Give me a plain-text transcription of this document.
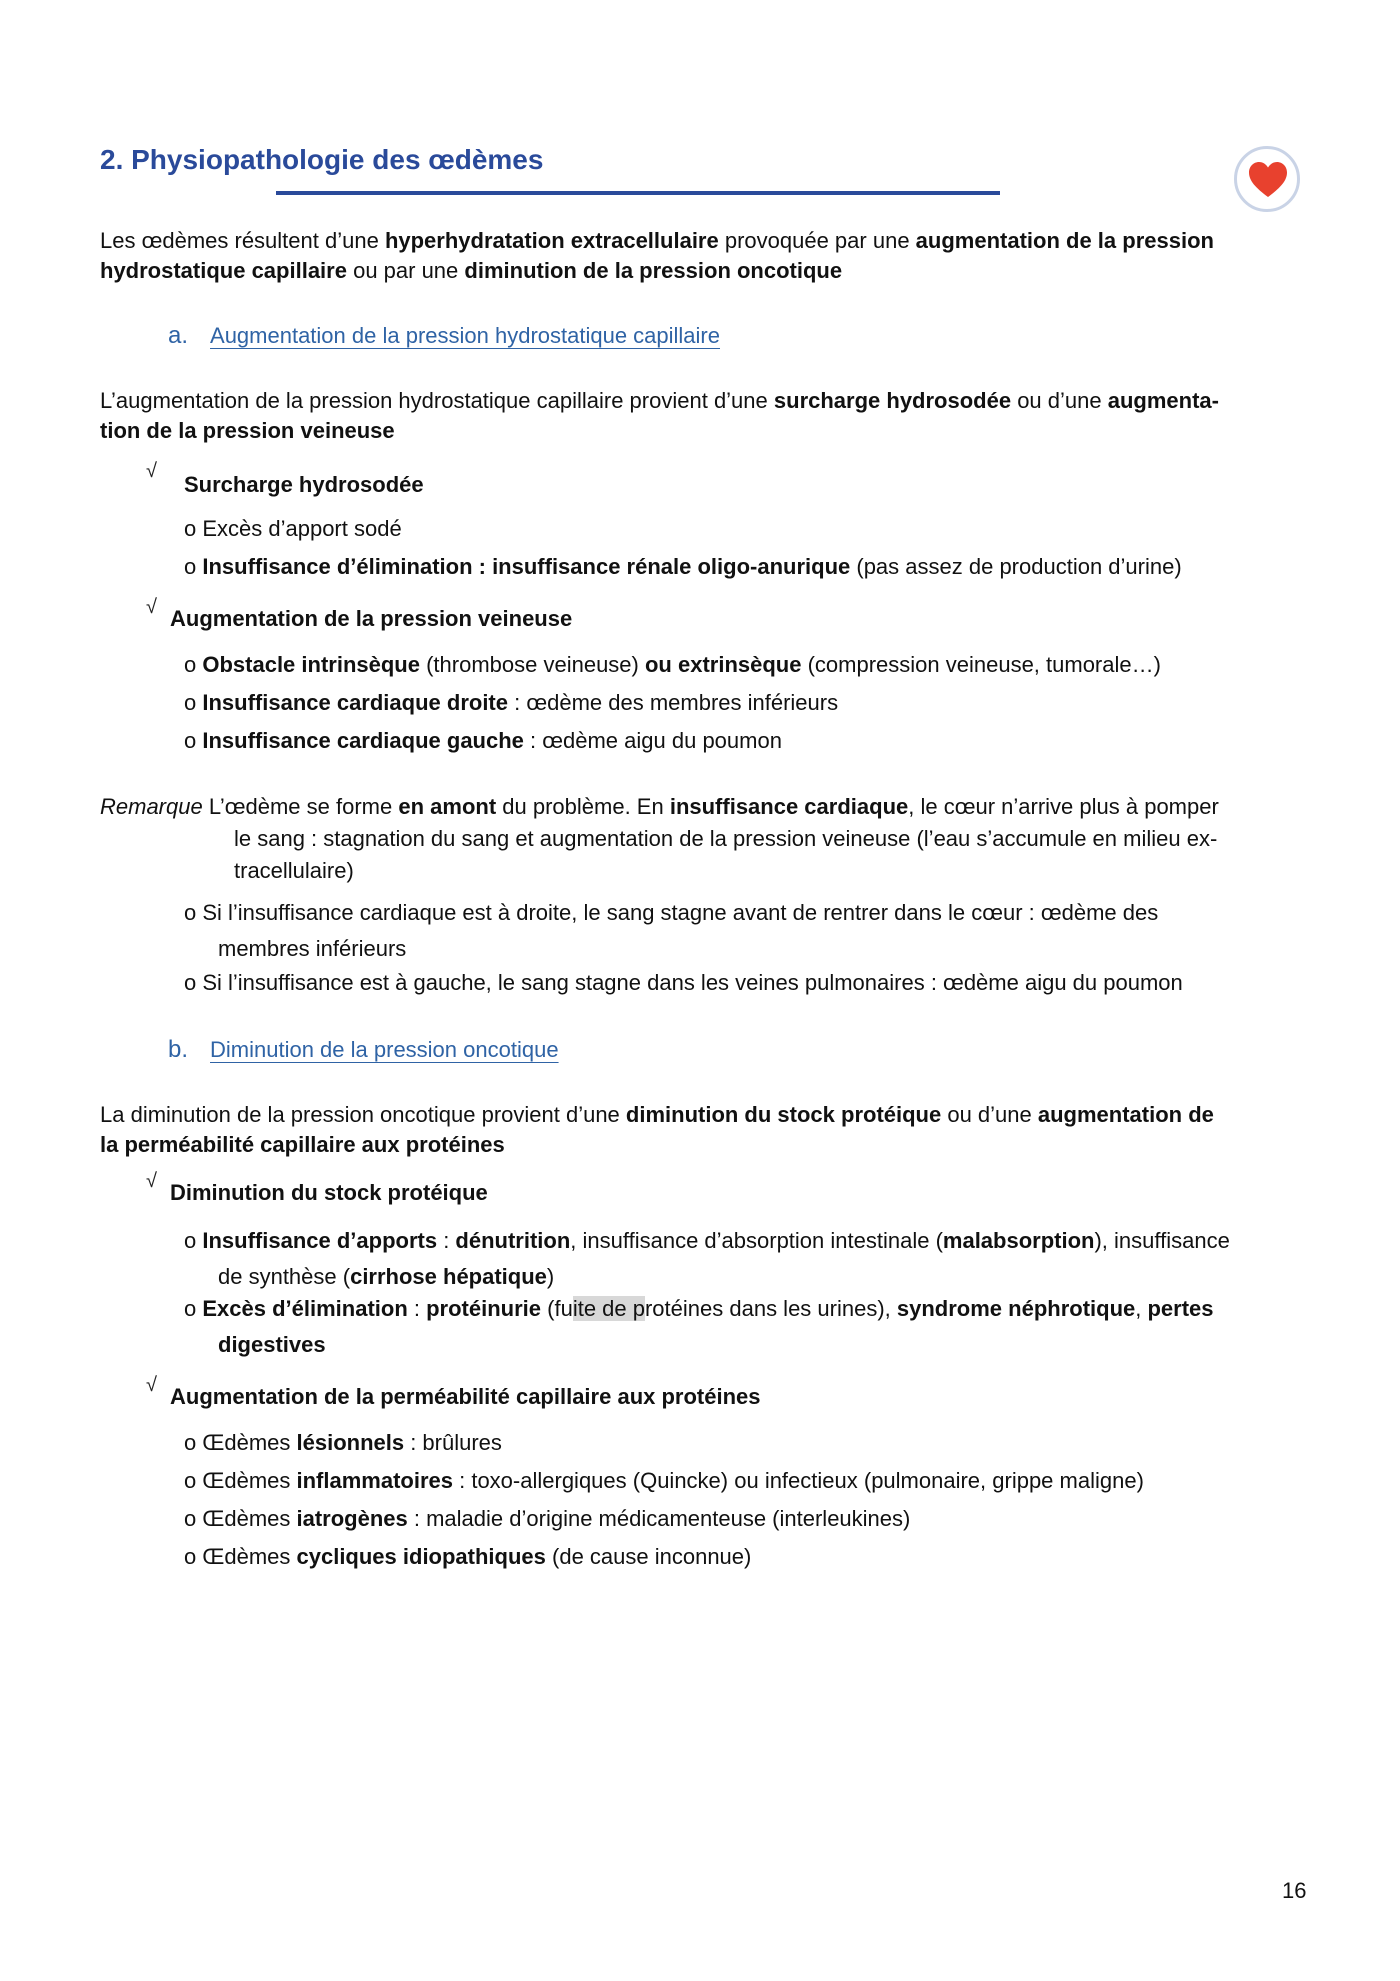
2. Physiopathologie des œdèmes
Les œdèmes résultent d’une hyperhydratation extracellulaire provoquée par une augmentation de la pression
hydrostatique capillaire ou par une diminution de la pression oncotique
a. Augmentation de la pression hydrostatique capillaire
L’augmentation de la pression hydrostatique capillaire provient d’une surcharge hydrosodée ou d’une augmenta-
tion de la pression veineuse
√
Surcharge hydrosodée
o Excès d’apport sodé
o Insuffisance d’élimination : insuffisance rénale oligo-anurique (pas assez de production d’urine)
√ Augmentation de la pression veineuse
o Obstacle intrinsèque (thrombose veineuse) ou extrinsèque (compression veineuse, tumorale…)
o Insuffisance cardiaque droite : œdème des membres inférieurs
o Insuffisance cardiaque gauche : œdème aigu du poumon
Remarque L’œdème se forme en amont du problème. En insuffisance cardiaque, le cœur n’arrive plus à pomper
le sang : stagnation du sang et augmentation de la pression veineuse (l’eau s’accumule en milieu ex-
tracellulaire)
o Si l’insuffisance cardiaque est à droite, le sang stagne avant de rentrer dans le cœur : œdème des
membres inférieurs
o Si l’insuffisance est à gauche, le sang stagne dans les veines pulmonaires : œdème aigu du poumon
b. Diminution de la pression oncotique
La diminution de la pression oncotique provient d’une diminution du stock protéique ou d’une augmentation de
la perméabilité capillaire aux protéines
√ Diminution du stock protéique
o Insuffisance d’apports : dénutrition, insuffisance d’absorption intestinale (malabsorption), insuffisance
de synthèse (cirrhose hépatique)
o Excès d’élimination : protéinurie (fuite de protéines dans les urines), syndrome néphrotique, pertes
digestives
√ Augmentation de la perméabilité capillaire aux protéines
o Œdèmes lésionnels : brûlures
o Œdèmes inflammatoires : toxo-allergiques (Quincke) ou infectieux (pulmonaire, grippe maligne)
o Œdèmes iatrogènes : maladie d’origine médicamenteuse (interleukines)
o Œdèmes cycliques idiopathiques (de cause inconnue)
16
